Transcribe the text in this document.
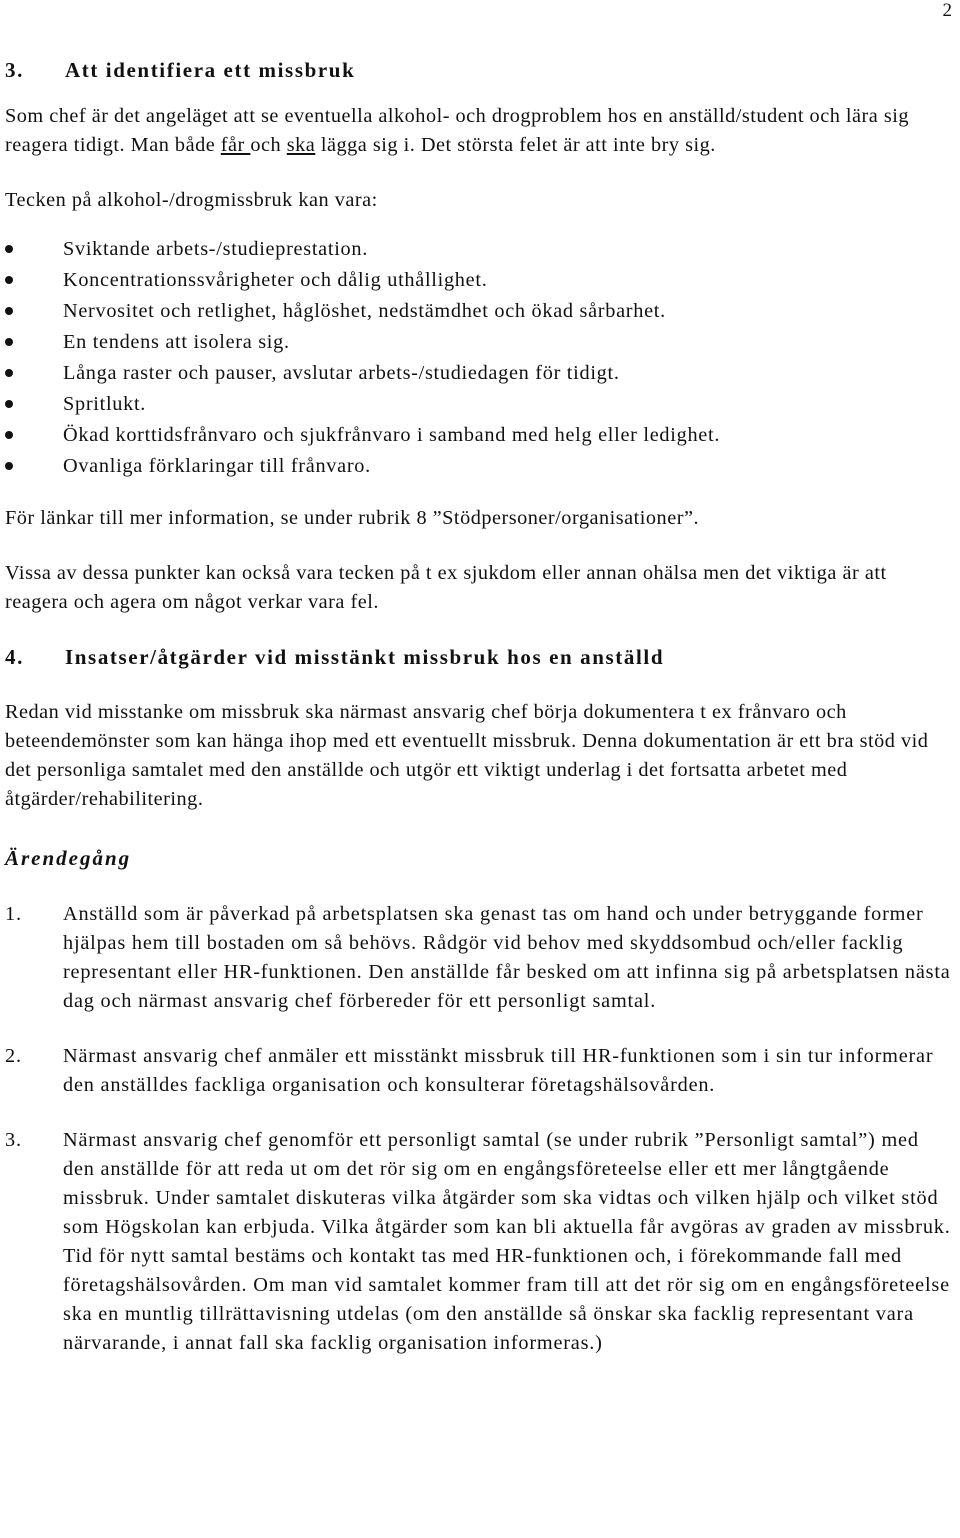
2
3.	Att identifiera ett missbruk

Som chef är det angeläget att se eventuella alkohol- och drogproblem hos en anställd/student och lära sig reagera tidigt. Man både får och ska lägga sig i. Det största felet är att inte bry sig.

Tecken på alkohol-/drogmissbruk kan vara:

Sviktande arbets-/studieprestation.
Koncentrationssvårigheter och dålig uthållighet.
Nervositet och retlighet, håglöshet, nedstämdhet och ökad sårbarhet.
En tendens att isolera sig.
Långa raster och pauser, avslutar arbets-/studiedagen för tidigt.
Spritlukt.
Ökad korttidsfrånvaro och sjukfrånvaro i samband med helg eller ledighet.
Ovanliga förklaringar till frånvaro.

För länkar till mer information, se under rubrik 8 ”Stödpersoner/organisationer”.

Vissa av dessa punkter kan också vara tecken på t ex sjukdom eller annan ohälsa men det viktiga är att reagera och agera om något verkar vara fel.

4.	Insatser/åtgärder vid misstänkt missbruk hos en anställd

Redan vid misstanke om missbruk ska närmast ansvarig chef börja dokumentera t ex frånvaro och beteendemönster som kan hänga ihop med ett eventuellt missbruk. Denna dokumentation är ett bra stöd vid det personliga samtalet med den anställde och utgör ett viktigt underlag i det fortsatta arbetet med åtgärder/rehabilitering.

Ärendegång
1.	Anställd som är påverkad på arbetsplatsen ska genast tas om hand och under betryggande former hjälpas hem till bostaden om så behövs. Rådgör vid behov med skyddsombud och/eller facklig representant eller HR-funktionen. Den anställde får besked om att infinna sig på arbetsplatsen nästa dag och närmast ansvarig chef förbereder för ett personligt samtal.
2.	Närmast ansvarig chef anmäler ett misstänkt missbruk till HR-funktionen som i sin tur informerar den anställdes fackliga organisation och konsulterar företagshälsovården.
3.	Närmast ansvarig chef genomför ett personligt samtal (se under rubrik ”Personligt samtal”) med den anställde för att reda ut om det rör sig om en engångsföreteelse eller ett mer långtgående missbruk. Under samtalet diskuteras vilka åtgärder som ska vidtas och vilken hjälp och vilket stöd som Högskolan kan erbjuda. Vilka åtgärder som kan bli aktuella får avgöras av graden av missbruk. Tid för nytt samtal bestäms och kontakt tas med HR-funktionen och, i förekommande fall med företagshälsovården. Om man vid samtalet kommer fram till att det rör sig om en engångsföreteelse ska en muntlig tillrättavisning utdelas (om den anställde så önskar ska facklig representant vara närvarande, i annat fall ska facklig organisation informeras.)
